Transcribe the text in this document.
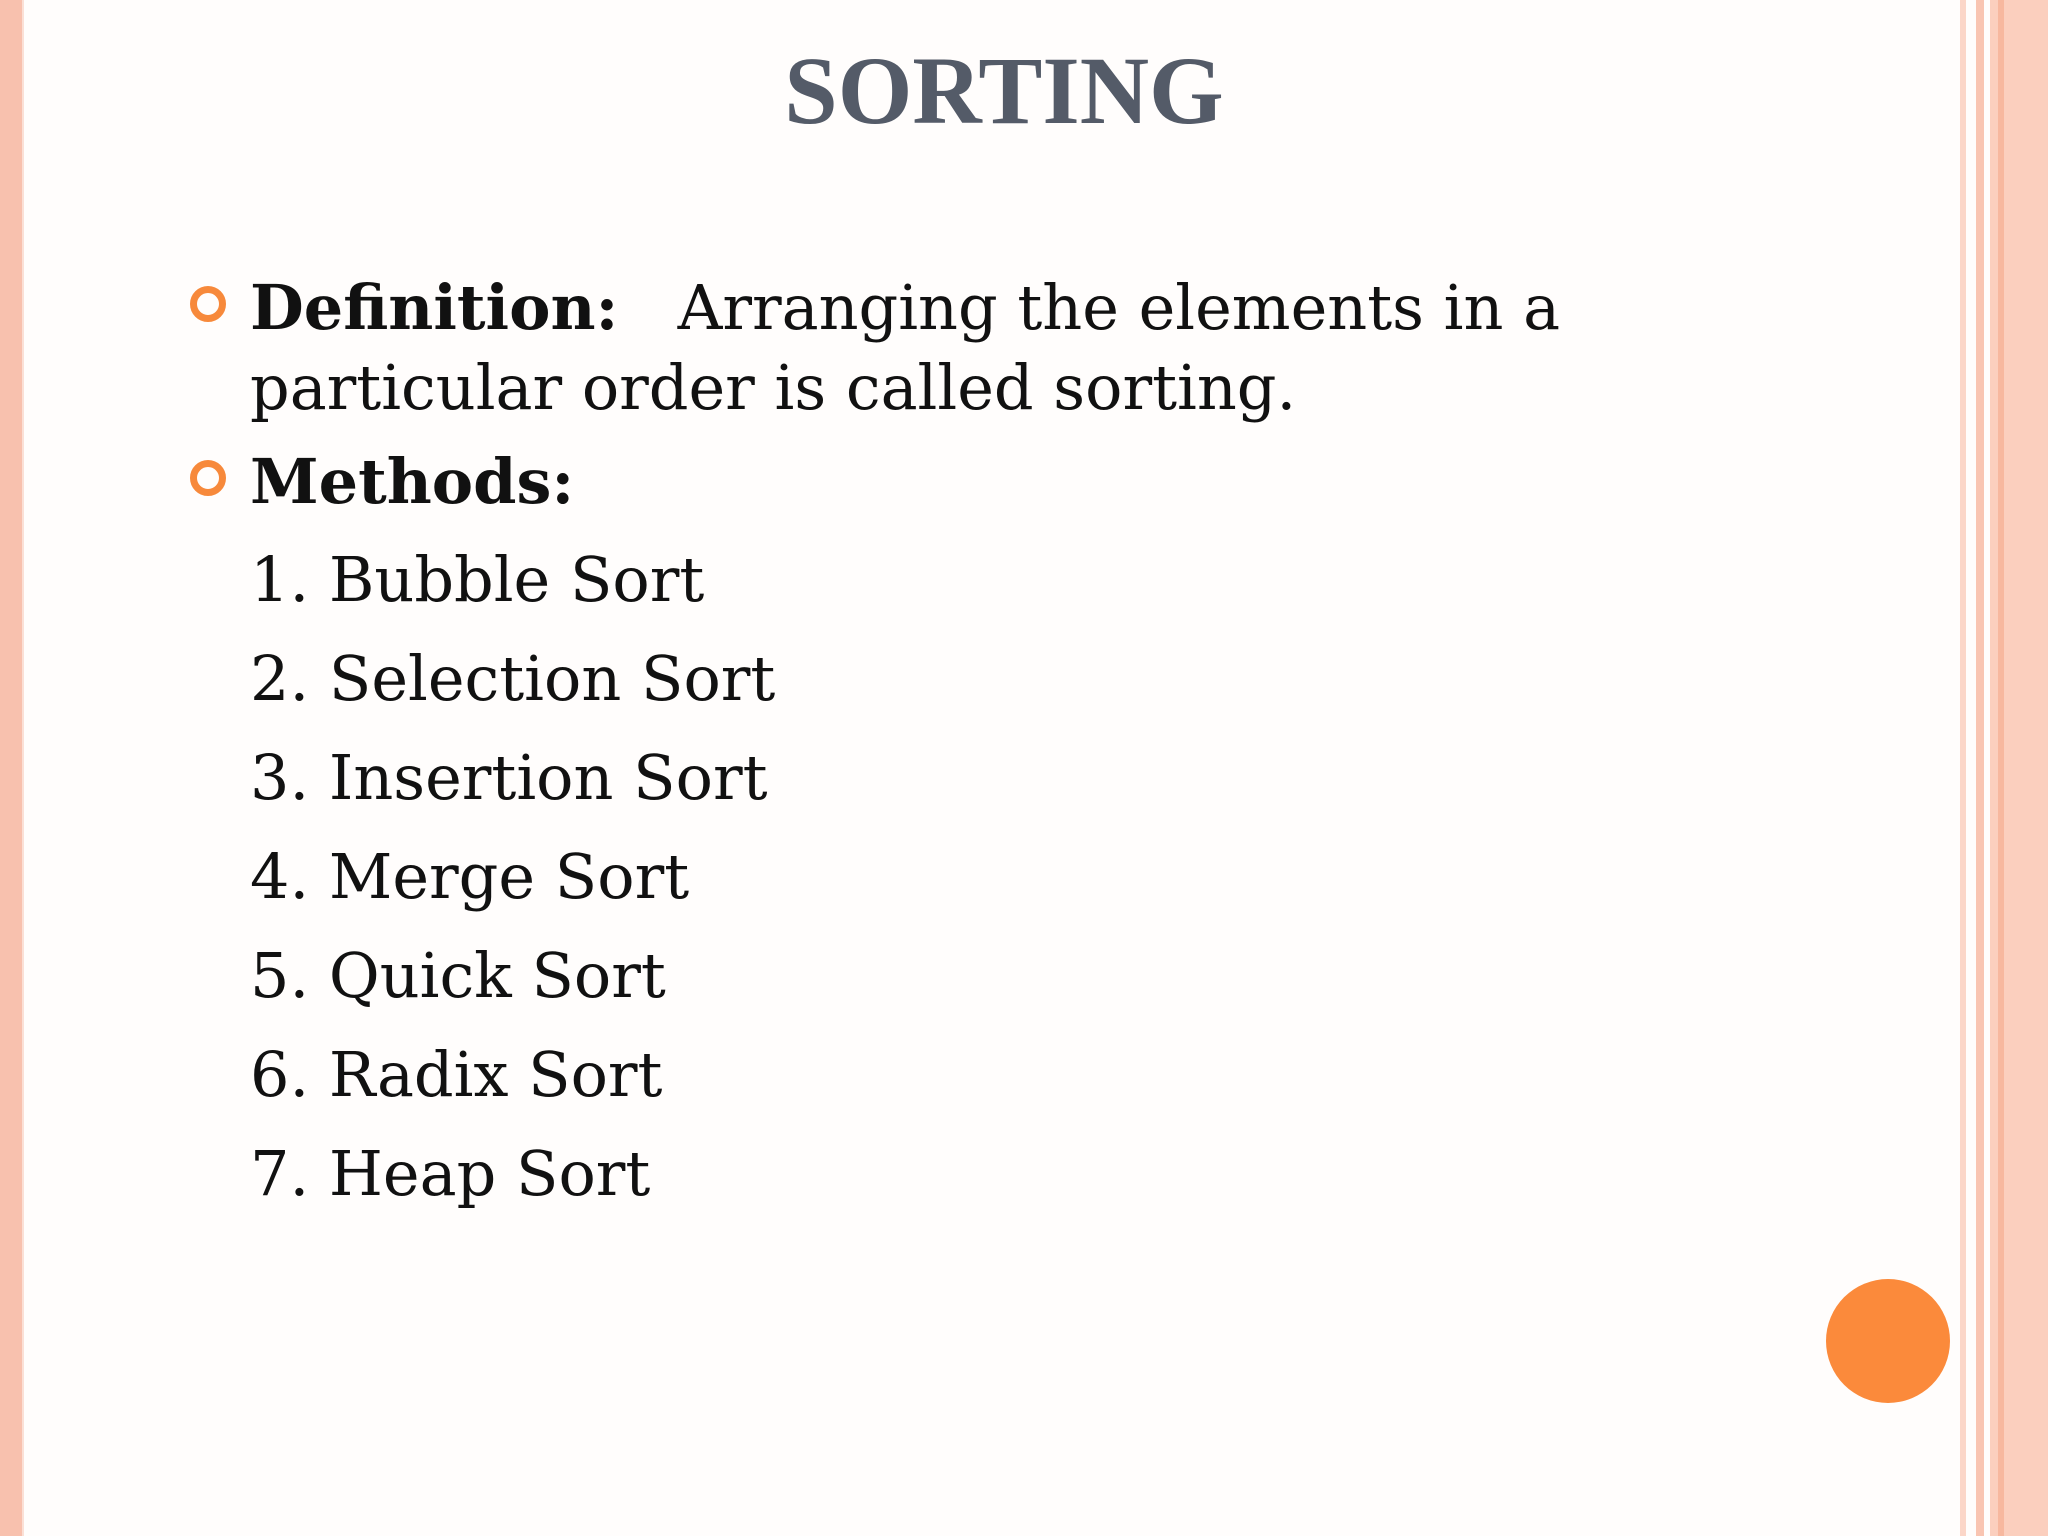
SORTING

Definition: Arranging the elements in a particular order is called sorting.

Methods:
1. Bubble Sort
2. Selection Sort
3. Insertion Sort
4. Merge Sort
5. Quick Sort
6. Radix Sort
7. Heap Sort
